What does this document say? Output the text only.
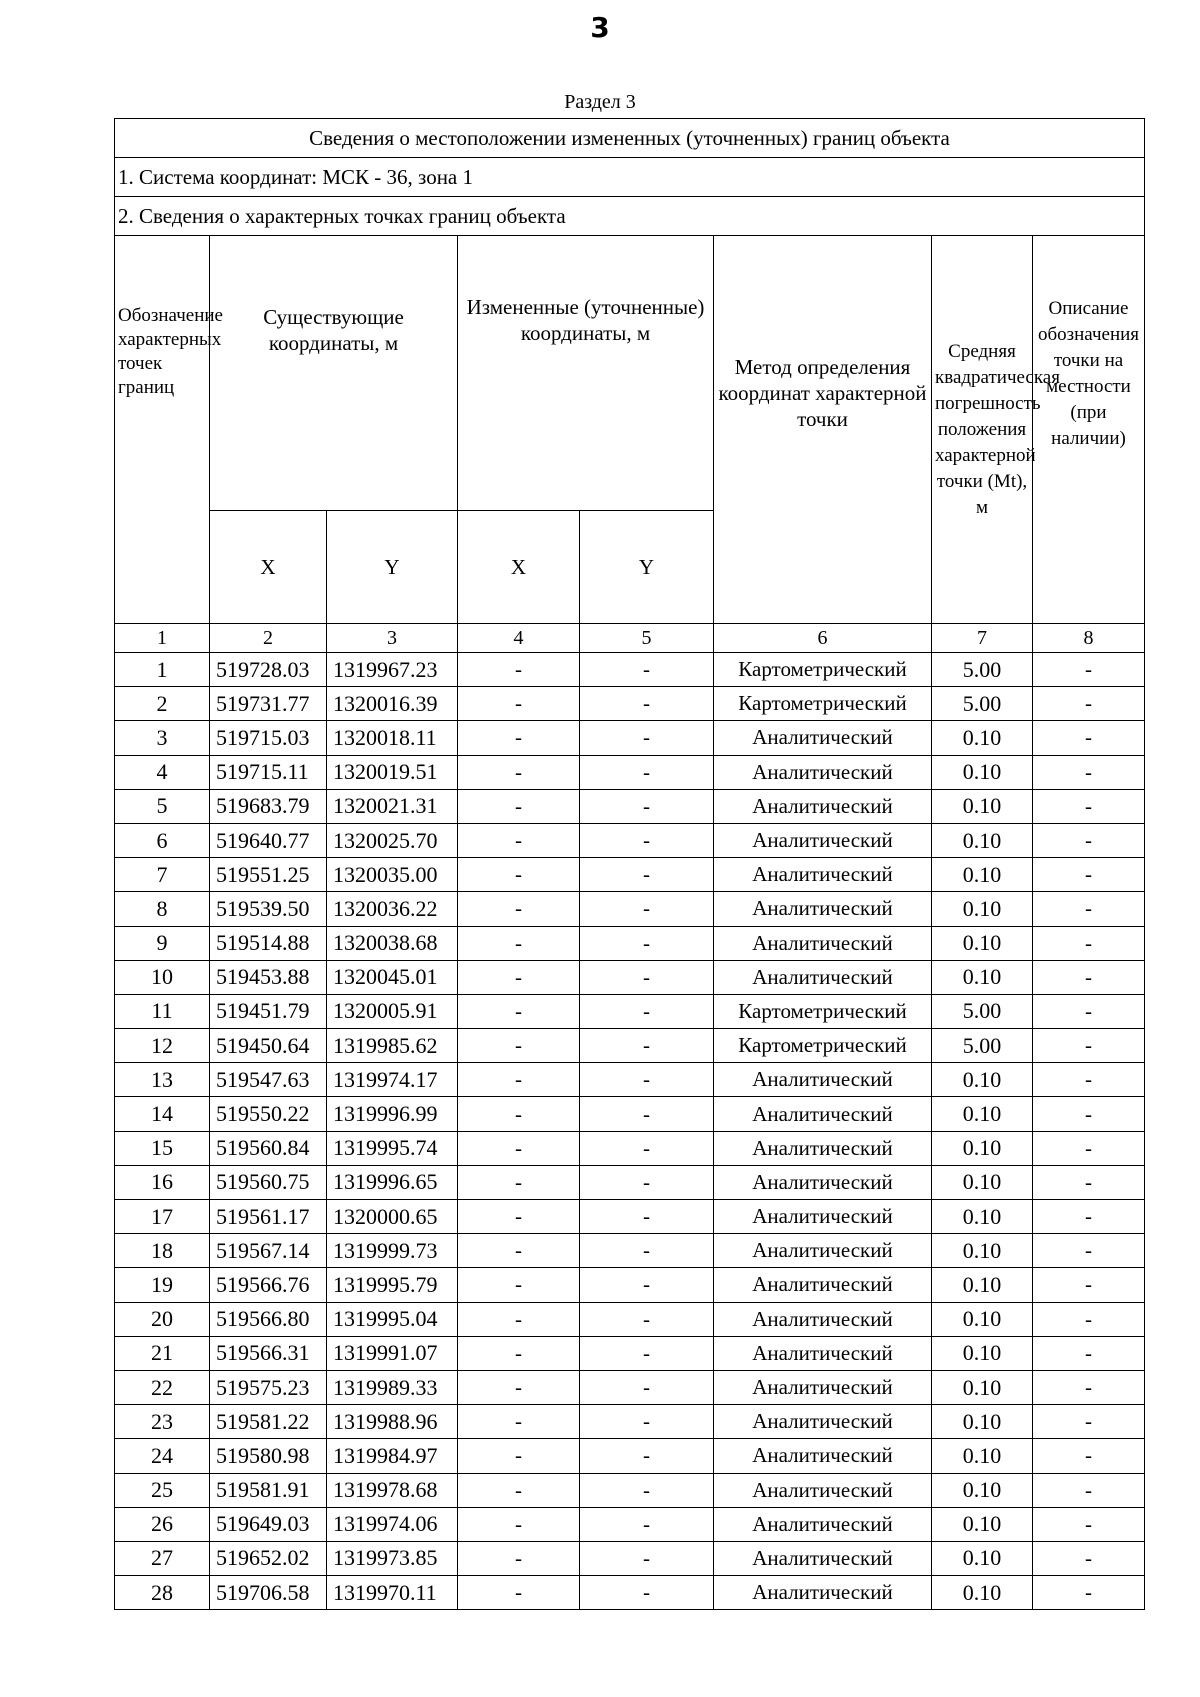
3
Раздел 3
Сведения о местоположении измененных (уточненных) границ объекта							
1. Система координат: МСК - 36, зона 1							
2. Сведения о характерных точках границ объекта							
Обозначение характерных точек границ	Существующие координаты, м		Измененные (уточненные) координаты, м		Метод определения координат характерной точки	Средняя квадратическая погрешность положения характерной точки (Mt), м	Описание обозначения точки на местности (при наличии)
	X	Y	X	Y			
1	2	3	4	5	6	7	8
1	519728.03	1319967.23	-	-	Картометрический	5.00	-
2	519731.77	1320016.39	-	-	Картометрический	5.00	-
3	519715.03	1320018.11	-	-	Аналитический	0.10	-
4	519715.11	1320019.51	-	-	Аналитический	0.10	-
5	519683.79	1320021.31	-	-	Аналитический	0.10	-
6	519640.77	1320025.70	-	-	Аналитический	0.10	-
7	519551.25	1320035.00	-	-	Аналитический	0.10	-
8	519539.50	1320036.22	-	-	Аналитический	0.10	-
9	519514.88	1320038.68	-	-	Аналитический	0.10	-
10	519453.88	1320045.01	-	-	Аналитический	0.10	-
11	519451.79	1320005.91	-	-	Картометрический	5.00	-
12	519450.64	1319985.62	-	-	Картометрический	5.00	-
13	519547.63	1319974.17	-	-	Аналитический	0.10	-
14	519550.22	1319996.99	-	-	Аналитический	0.10	-
15	519560.84	1319995.74	-	-	Аналитический	0.10	-
16	519560.75	1319996.65	-	-	Аналитический	0.10	-
17	519561.17	1320000.65	-	-	Аналитический	0.10	-
18	519567.14	1319999.73	-	-	Аналитический	0.10	-
19	519566.76	1319995.79	-	-	Аналитический	0.10	-
20	519566.80	1319995.04	-	-	Аналитический	0.10	-
21	519566.31	1319991.07	-	-	Аналитический	0.10	-
22	519575.23	1319989.33	-	-	Аналитический	0.10	-
23	519581.22	1319988.96	-	-	Аналитический	0.10	-
24	519580.98	1319984.97	-	-	Аналитический	0.10	-
25	519581.91	1319978.68	-	-	Аналитический	0.10	-
26	519649.03	1319974.06	-	-	Аналитический	0.10	-
27	519652.02	1319973.85	-	-	Аналитический	0.10	-
28	519706.58	1319970.11	-	-	Аналитический	0.10	-
